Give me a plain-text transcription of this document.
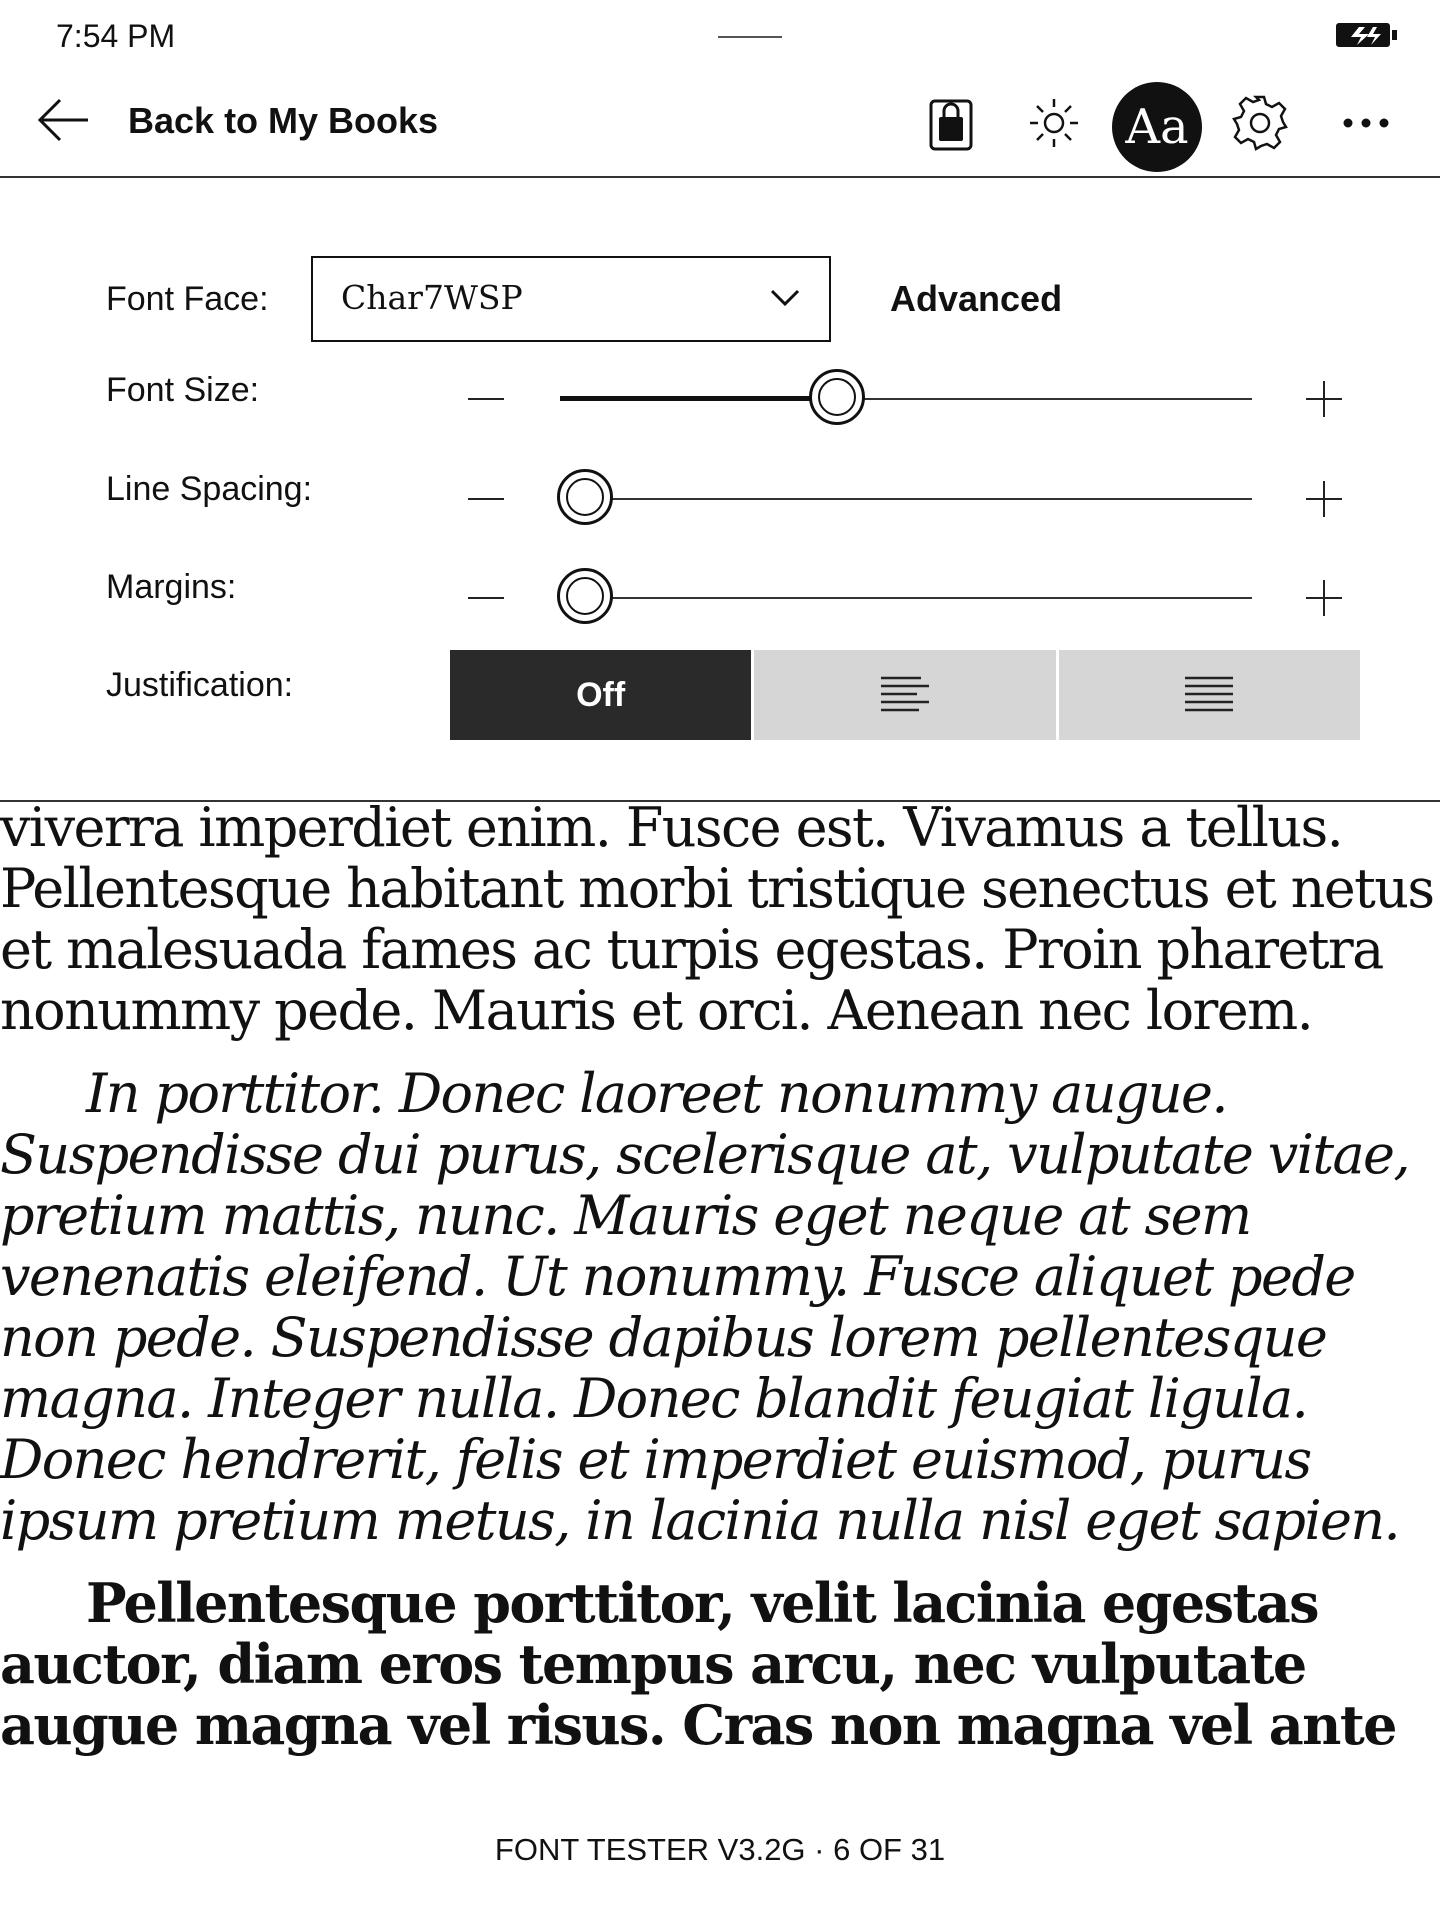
7:54 PM
Back to My Books	Aa
Font Face: Char7WSP	Advanced
Font Size:
Line Spacing:
Margins:
Justification:	Off

viverra imperdiet enim. Fusce est. Vivamus a tellus. Pellentesque habitant morbi tristique senectus et netus et malesuada fames ac turpis egestas. Proin pharetra nonummy pede. Mauris et orci. Aenean nec lorem.

In porttitor. Donec laoreet nonummy augue. Suspendisse dui purus, scelerisque at, vulputate vitae, pretium mattis, nunc. Mauris eget neque at sem venenatis eleifend. Ut nonummy. Fusce aliquet pede non pede. Suspendisse dapibus lorem pellentesque magna. Integer nulla. Donec blandit feugiat ligula. Donec hendrerit, felis et imperdiet euismod, purus ipsum pretium metus, in lacinia nulla nisl eget sapien.

Pellentesque porttitor, velit lacinia egestas auctor, diam eros tempus arcu, nec vulputate augue magna vel risus. Cras non magna vel ante

FONT TESTER V3.2G · 6 OF 31
